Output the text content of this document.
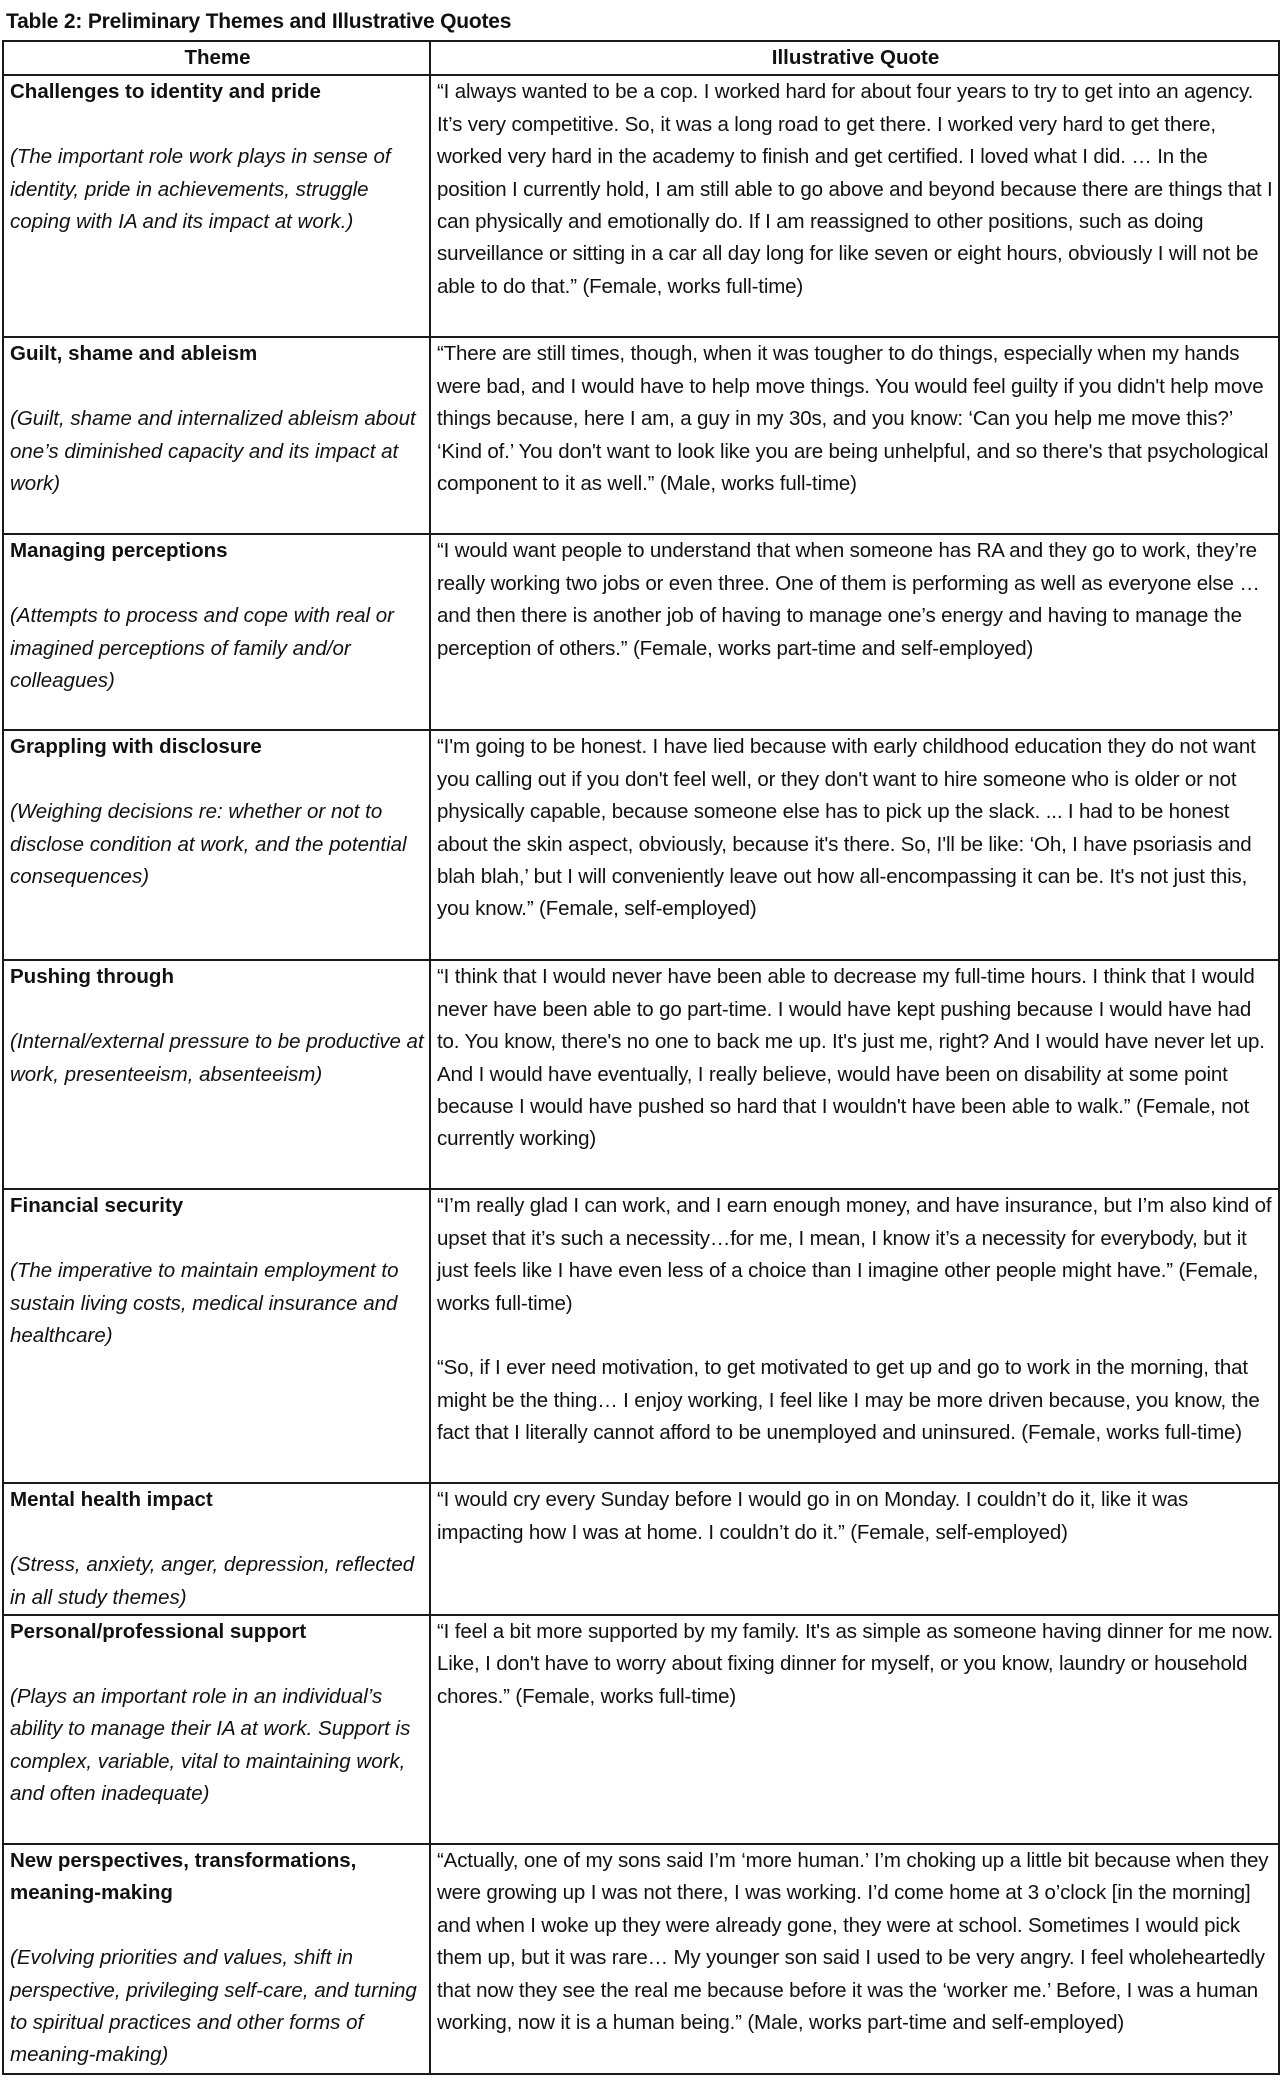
Table 2: Preliminary Themes and Illustrative Quotes
Theme	Illustrative Quote

Challenges to identity and pride
(The important role work plays in sense of identity, pride in achievements, struggle coping with IA and its impact at work.)	“I always wanted to be a cop. I worked hard for about four years to try to get into an agency. It’s very competitive. So, it was a long road to get there. I worked very hard to get there, worked very hard in the academy to finish and get certified. I loved what I did. … In the position I currently hold, I am still able to go above and beyond because there are things that I can physically and emotionally do. If I am reassigned to other positions, such as doing surveillance or sitting in a car all day long for like seven or eight hours, obviously I will not be able to do that.” (Female, works full-time)

Guilt, shame and ableism
(Guilt, shame and internalized ableism about one’s diminished capacity and its impact at work)	“There are still times, though, when it was tougher to do things, especially when my hands were bad, and I would have to help move things. You would feel guilty if you didn't help move things because, here I am, a guy in my 30s, and you know: ‘Can you help me move this?’ ‘Kind of.’ You don't want to look like you are being unhelpful, and so there's that psychological component to it as well.” (Male, works full-time)

Managing perceptions
(Attempts to process and cope with real or imagined perceptions of family and/or colleagues)	“I would want people to understand that when someone has RA and they go to work, they’re really working two jobs or even three. One of them is performing as well as everyone else … and then there is another job of having to manage one’s energy and having to manage the perception of others.” (Female, works part-time and self-employed)

Grappling with disclosure
(Weighing decisions re: whether or not to disclose condition at work, and the potential consequences)	“I'm going to be honest. I have lied because with early childhood education they do not want you calling out if you don't feel well, or they don't want to hire someone who is older or not physically capable, because someone else has to pick up the slack. ... I had to be honest about the skin aspect, obviously, because it's there. So, I'll be like: ‘Oh, I have psoriasis and blah blah,’ but I will conveniently leave out how all-encompassing it can be. It's not just this, you know.” (Female, self-employed)

Pushing through
(Internal/external pressure to be productive at work, presenteeism, absenteeism)	“I think that I would never have been able to decrease my full-time hours. I think that I would never have been able to go part-time. I would have kept pushing because I would have had to. You know, there's no one to back me up. It's just me, right? And I would have never let up. And I would have eventually, I really believe, would have been on disability at some point because I would have pushed so hard that I wouldn't have been able to walk.” (Female, not currently working)

Financial security
(The imperative to maintain employment to sustain living costs, medical insurance and healthcare)	“I’m really glad I can work, and I earn enough money, and have insurance, but I’m also kind of upset that it’s such a necessity…for me, I mean, I know it’s a necessity for everybody, but it just feels like I have even less of a choice than I imagine other people might have.” (Female, works full-time)
“So, if I ever need motivation, to get motivated to get up and go to work in the morning, that might be the thing… I enjoy working, I feel like I may be more driven because, you know, the fact that I literally cannot afford to be unemployed and uninsured. (Female, works full-time)

Mental health impact
(Stress, anxiety, anger, depression, reflected in all study themes)	“I would cry every Sunday before I would go in on Monday. I couldn’t do it, like it was impacting how I was at home. I couldn’t do it.” (Female, self-employed)

Personal/professional support
(Plays an important role in an individual’s ability to manage their IA at work. Support is complex, variable, vital to maintaining work, and often inadequate)	“I feel a bit more supported by my family. It's as simple as someone having dinner for me now. Like, I don't have to worry about fixing dinner for myself, or you know, laundry or household chores.” (Female, works full-time)

New perspectives, transformations, meaning-making
(Evolving priorities and values, shift in perspective, privileging self-care, and turning to spiritual practices and other forms of meaning-making)	“Actually, one of my sons said I’m ‘more human.’ I’m choking up a little bit because when they were growing up I was not there, I was working. I’d come home at 3 o’clock [in the morning] and when I woke up they were already gone, they were at school. Sometimes I would pick them up, but it was rare… My younger son said I used to be very angry. I feel wholeheartedly that now they see the real me because before it was the ‘worker me.’ Before, I was a human working, now it is a human being.” (Male, works part-time and self-employed)
